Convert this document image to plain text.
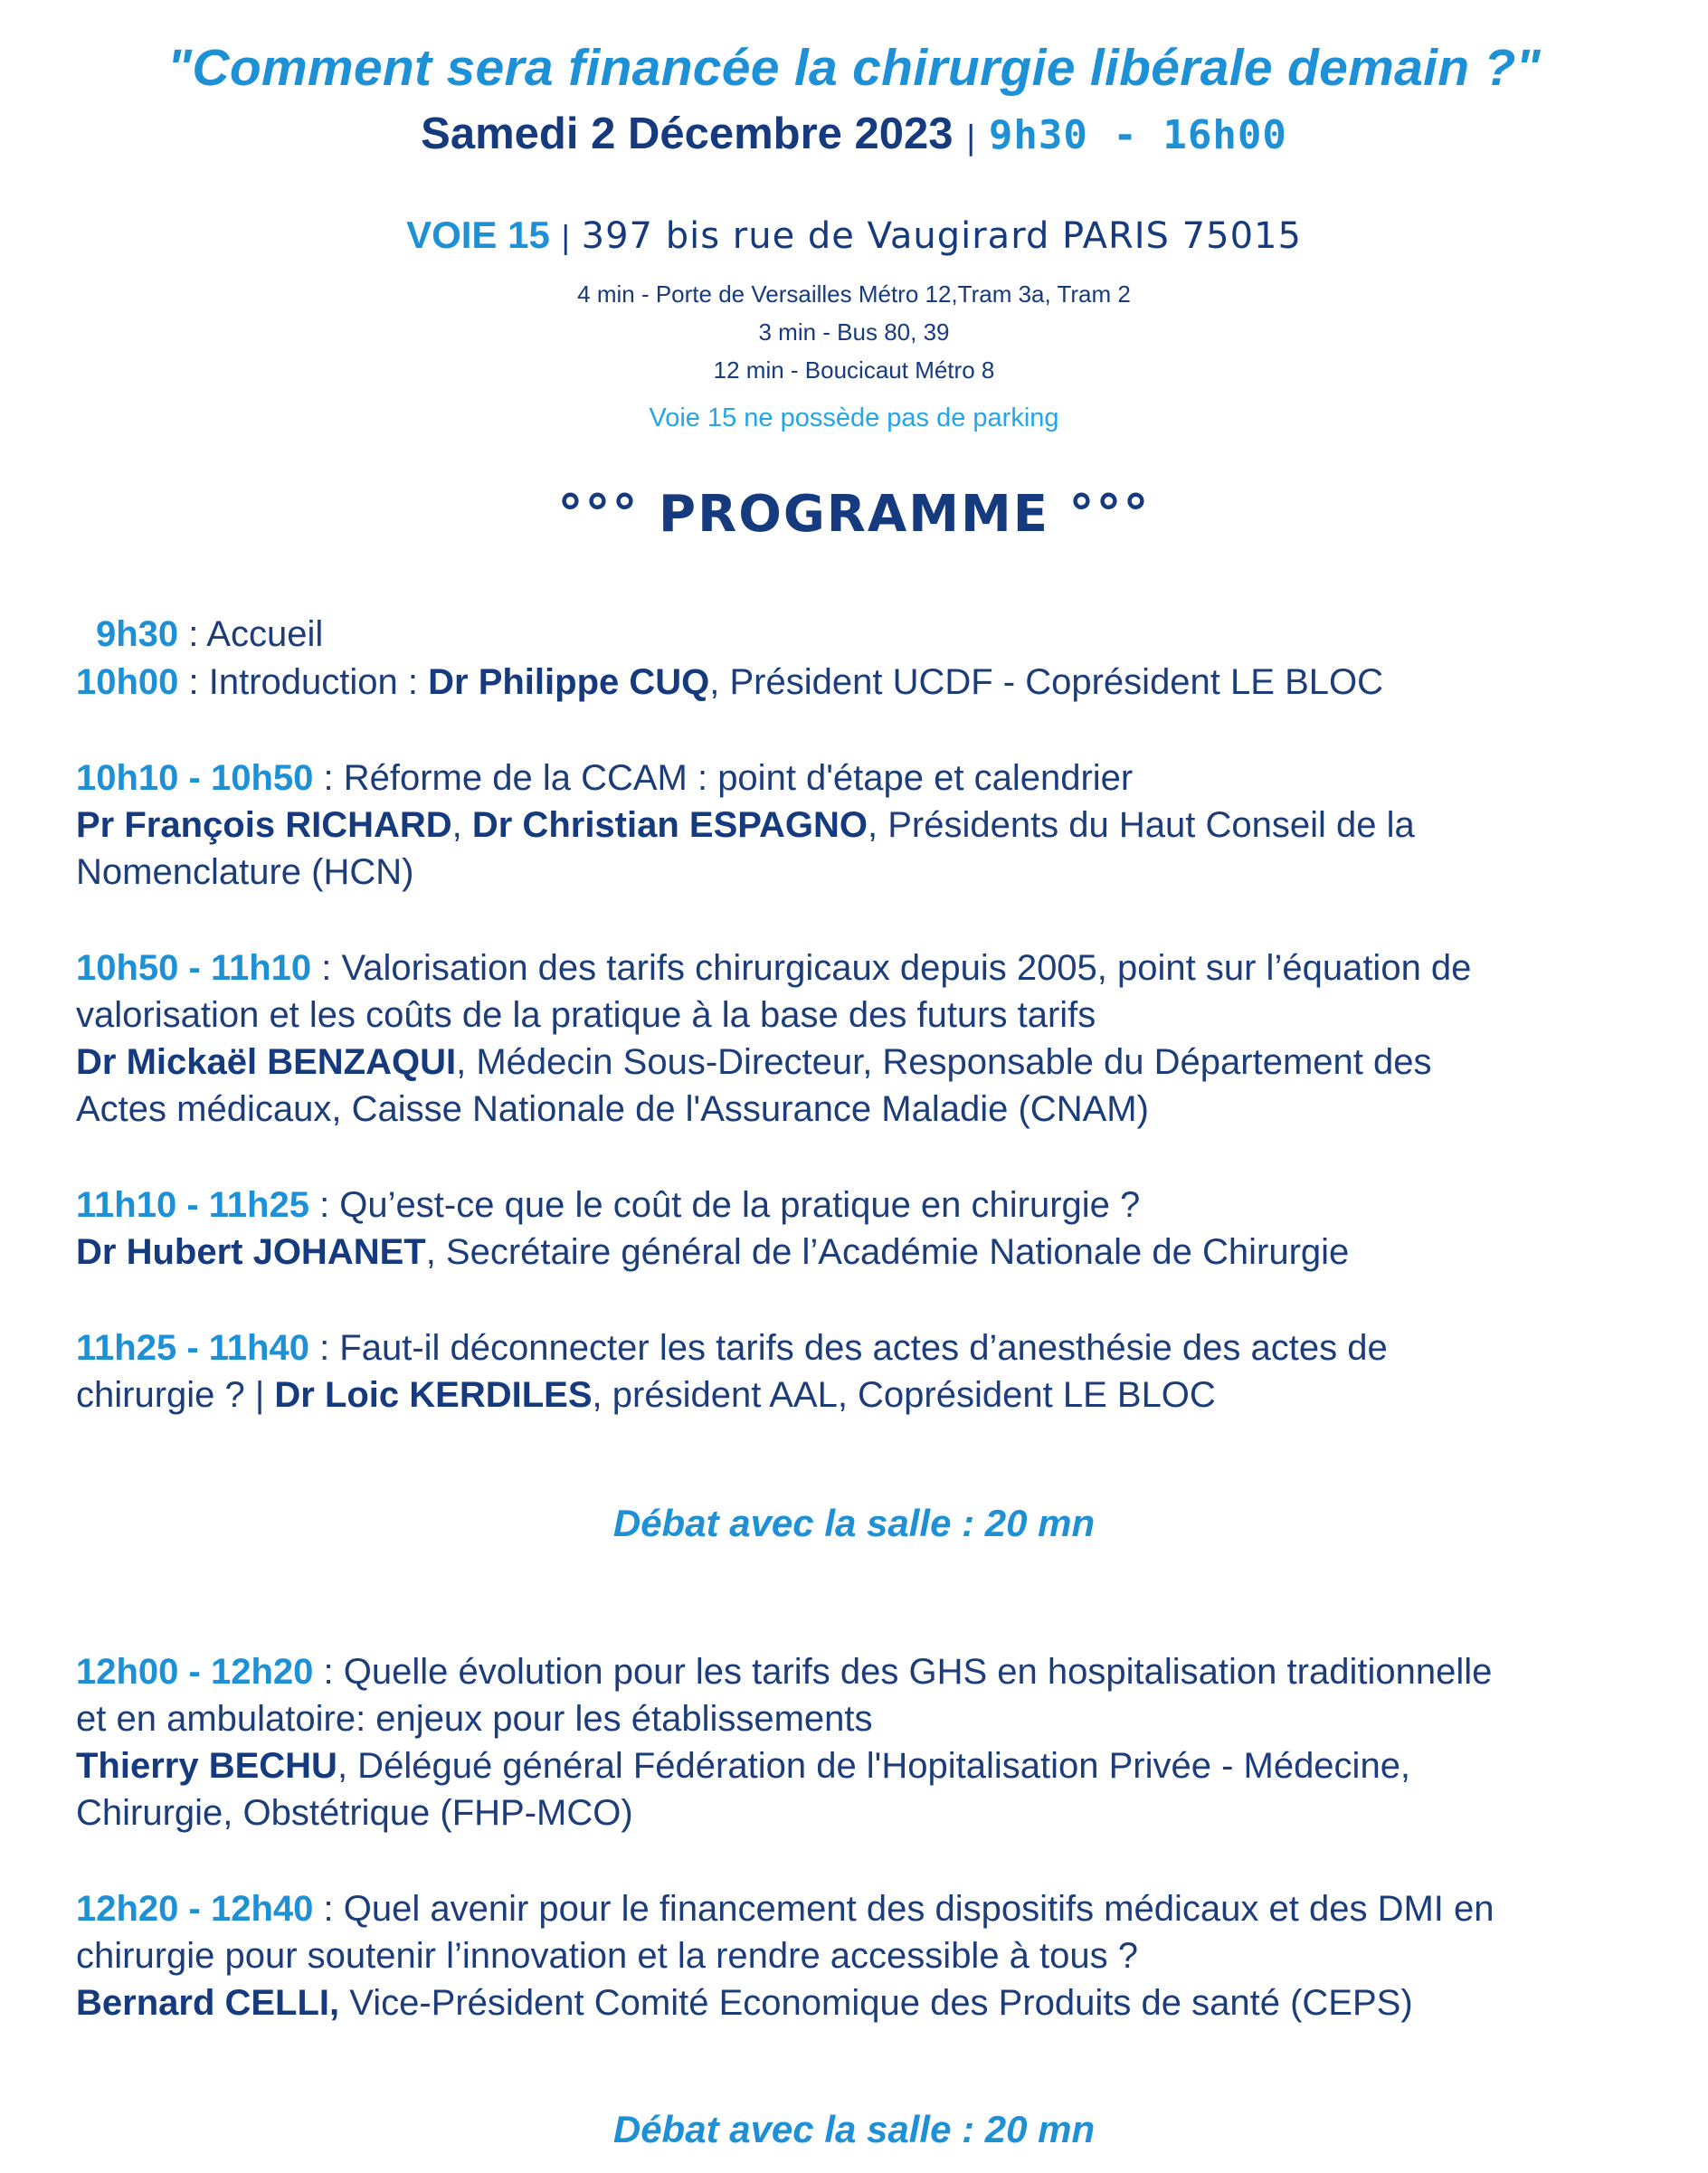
"Comment sera financée la chirurgie libérale demain ?"
Samedi 2 Décembre 2023 | 9h30 - 16h00
VOIE 15 | 397 bis rue de Vaugirard PARIS 75015
4 min - Porte de Versailles Métro 12,Tram 3a, Tram 2
3 min - Bus 80, 39
12 min - Boucicaut Métro 8
Voie 15 ne possède pas de parking
°°° PROGRAMME °°°
9h30 : Accueil
10h00 : Introduction : Dr Philippe CUQ, Président UCDF - Coprésident LE BLOC
10h10 - 10h50 : Réforme de la CCAM : point d'étape et calendrier
Pr François RICHARD, Dr Christian ESPAGNO, Présidents du Haut Conseil de la
Nomenclature (HCN)
10h50 - 11h10 : Valorisation des tarifs chirurgicaux depuis 2005, point sur l’équation de
valorisation et les coûts de la pratique à la base des futurs tarifs
Dr Mickaël BENZAQUI, Médecin Sous-Directeur, Responsable du Département des
Actes médicaux, Caisse Nationale de l'Assurance Maladie (CNAM)
11h10 - 11h25 : Qu’est-ce que le coût de la pratique en chirurgie ?
Dr Hubert JOHANET, Secrétaire général de l’Académie Nationale de Chirurgie
11h25 - 11h40 : Faut-il déconnecter les tarifs des actes d’anesthésie des actes de
chirurgie ? | Dr Loic KERDILES, président AAL, Coprésident LE BLOC
Débat avec la salle : 20 mn
12h00 - 12h20 : Quelle évolution pour les tarifs des GHS en hospitalisation traditionnelle
et en ambulatoire: enjeux pour les établissements
Thierry BECHU, Délégué général Fédération de l'Hopitalisation Privée - Médecine,
Chirurgie, Obstétrique (FHP-MCO)
12h20 - 12h40 : Quel avenir pour le financement des dispositifs médicaux et des DMI en
chirurgie pour soutenir l’innovation et la rendre accessible à tous ?
Bernard CELLI, Vice-Président Comité Economique des Produits de santé (CEPS)
Débat avec la salle : 20 mn
